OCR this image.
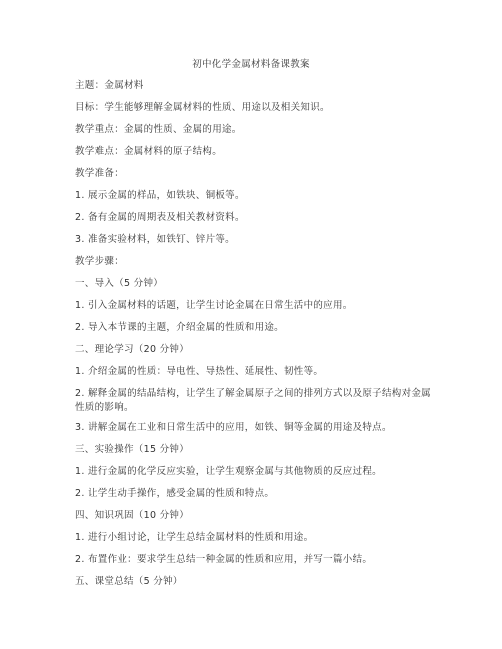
初中化学金属材料备课教案
主题：金属材料
目标：学生能够理解金属材料的性质、用途以及相关知识。
教学重点：金属的性质、金属的用途。
教学难点：金属材料的原子结构。
教学准备：
1. 展示金属的样品，如铁块、铜板等。
2. 备有金属的周期表及相关教材资料。
3. 准备实验材料，如铁钉、锌片等。
教学步骤：
一、导入（5 分钟）
1. 引入金属材料的话题，让学生讨论金属在日常生活中的应用。
2. 导入本节课的主题，介绍金属的性质和用途。
二、理论学习（20 分钟）
1. 介绍金属的性质：导电性、导热性、延展性、韧性等。
2. 解释金属的结晶结构，让学生了解金属原子之间的排列方式以及原子结构对金属性质的影响。
3. 讲解金属在工业和日常生活中的应用，如铁、铜等金属的用途及特点。
三、实验操作（15 分钟）
1. 进行金属的化学反应实验，让学生观察金属与其他物质的反应过程。
2. 让学生动手操作，感受金属的性质和特点。
四、知识巩固（10 分钟）
1. 进行小组讨论，让学生总结金属材料的性质和用途。
2. 布置作业：要求学生总结一种金属的性质和应用，并写一篇小结。
五、课堂总结（5 分钟）
